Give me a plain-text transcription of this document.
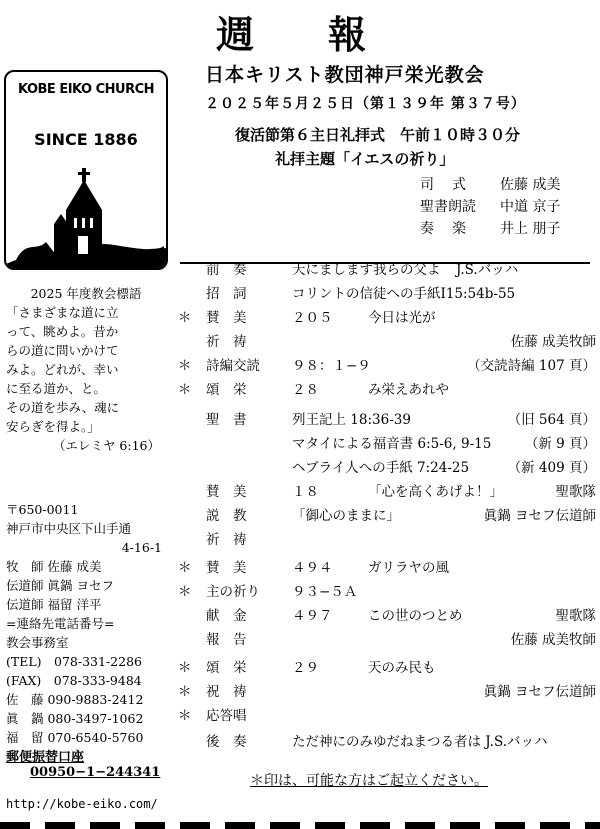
週　報
日本キリスト教団神戸栄光教会
２０２５年５月２５日（第１３９年 第３７号）
復活節第６主日礼拝式　午前１０時３０分
礼拝主題「イエスの祈り」
司　式 佐藤 成美
聖書朗読 中道 京子
奏　楽 井上 朋子
KOBE EIKO CHURCH
SINCE 1886
2025 年度教会標語
「さまざまな道に立
って、眺めよ。昔か
らの道に問いかけて
みよ。どれが、幸い
に至る道か、と。
その道を歩み、魂に
安らぎを得よ。」
（エレミヤ 6:16）
〒650-0011
神戸市中央区下山手通
4-16-1
牧　師 佐藤 成美
伝道師 眞鍋 ヨセフ
伝道師 福留 洋平
=連絡先電話番号=
教会事務室
(TEL)　078-331-2286
(FAX)　078-333-9484
佐　藤 090-9883-2412
眞　鍋 080-3497-1062
福　留 070-6540-5760
郵便振替口座
00950−1−244341
http://kobe-eiko.com/
前　奏	天にまします我らの父よ J.S.バッハ
招　詞	コリントの信徒への手紙Ⅰ15:54b-55
＊ 賛　美	２０５	今日は光が
祈　祷	佐藤 成美牧師
＊ 詩編交読	９８：１−９	（交読詩編 107 頁）
＊ 頌　栄	２８	み栄えあれや
聖　書	列王記上 18:36-39	（旧 564 頁）
マタイによる福音書 6:5-6, 9-15 （新 9 頁）
ヘブライ人への手紙 7:24-25	（新 409 頁）
賛　美	１８	「心を高くあげよ！」	聖歌隊
説　教	「御心のままに」	眞鍋 ヨセフ伝道師
祈　祷
＊ 賛　美	４９４	ガリラヤの風
＊ 主の祈り	９３−５Ａ
献　金	４９７	この世のつとめ	聖歌隊
報　告	佐藤 成美牧師
＊ 頌　栄	２９	天のみ民も
＊ 祝　祷	眞鍋 ヨセフ伝道師
＊ 応答唱
後　奏	ただ神にのみゆだねまつる者は J.S.バッハ
＊印は、可能な方はご起立ください。
